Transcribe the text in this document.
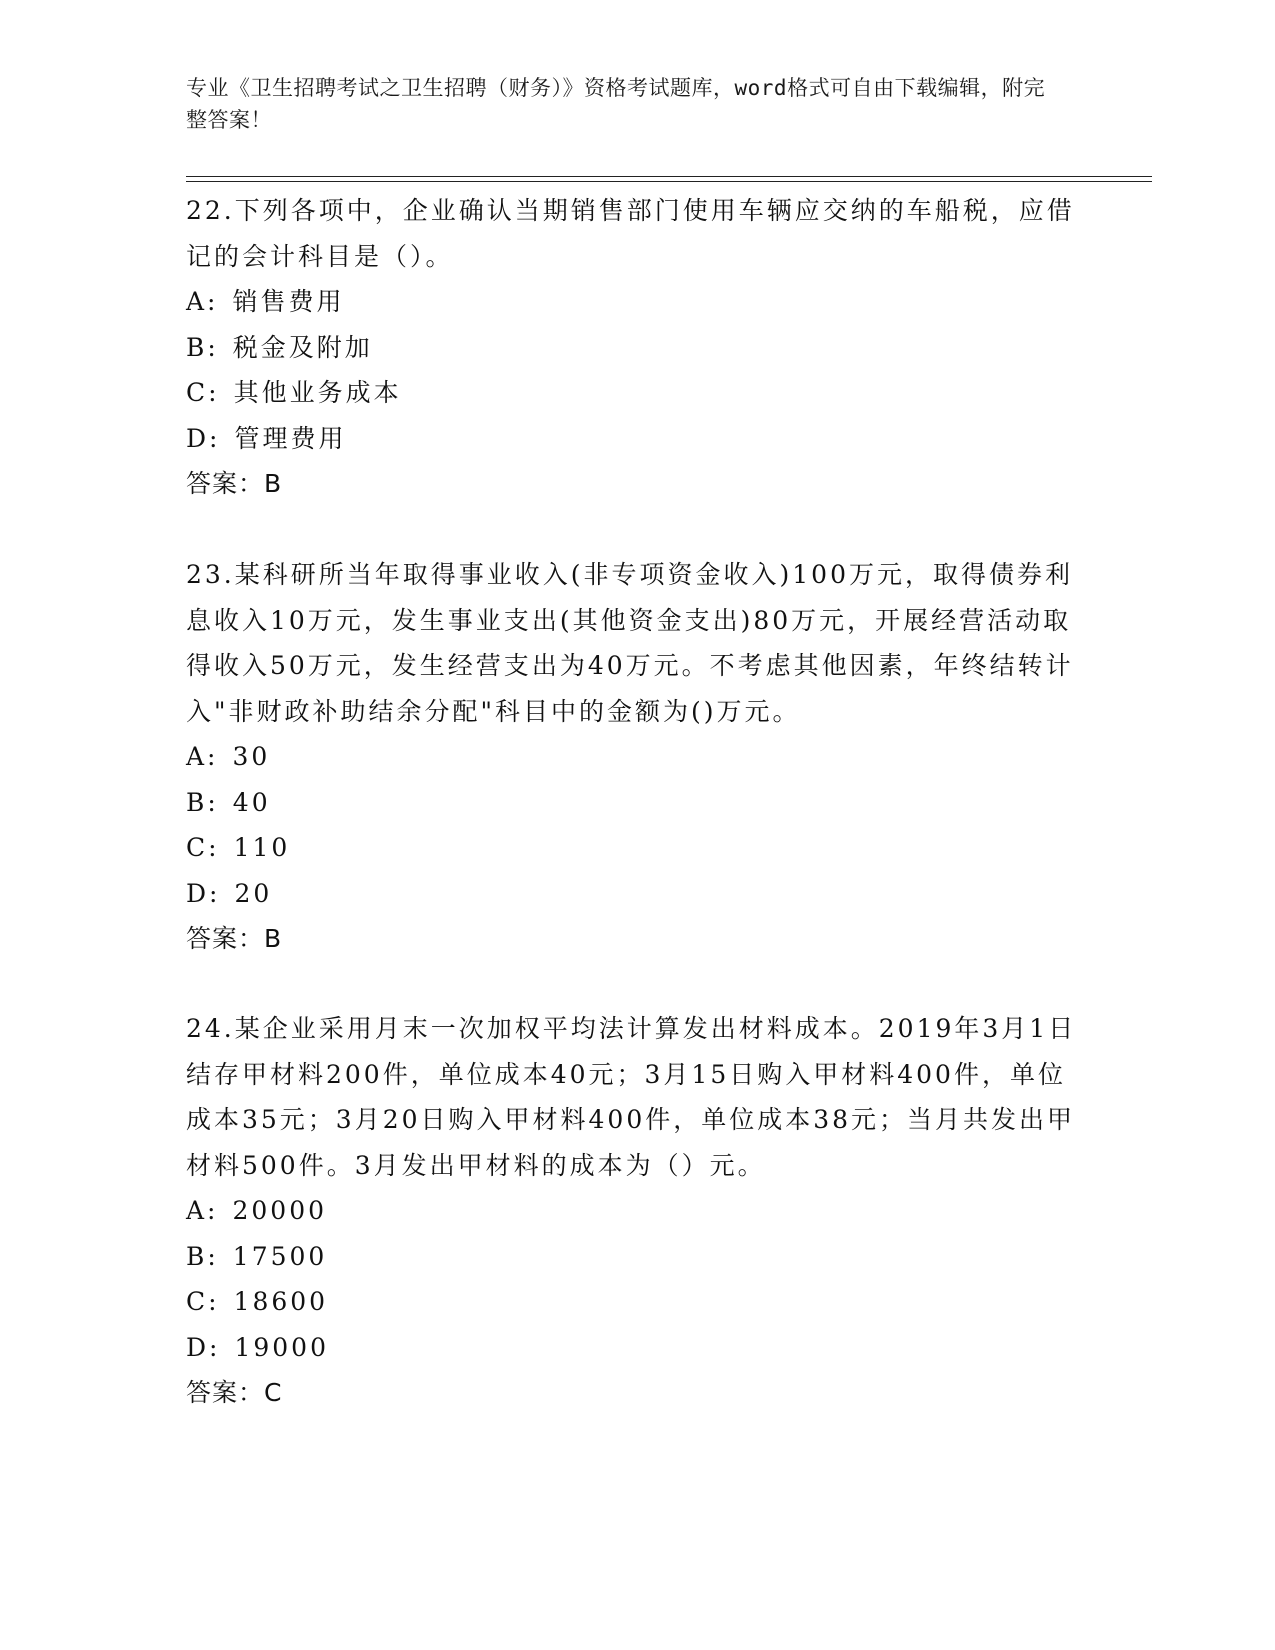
专业《卫生招聘考试之卫生招聘（财务）》资格考试题库，word格式可自由下载编辑，附完整答案！

22.下列各项中，企业确认当期销售部门使用车辆应交纳的车船税，应借记的会计科目是（）。

A: 销售费用

B: 税金及附加

C: 其他业务成本

D: 管理费用

答案：B

23.某科研所当年取得事业收入(非专项资金收入)100万元，取得债券利息收入10万元，发生事业支出(其他资金支出)80万元，开展经营活动取得收入50万元，发生经营支出为40万元。不考虑其他因素，年终结转计入"非财政补助结余分配"科目中的金额为()万元。

A: 30

B: 40

C: 110

D: 20

答案：B

24.某企业采用月末一次加权平均法计算发出材料成本。2019年3月1日结存甲材料200件，单位成本40元；3月15日购入甲材料400件，单位成本35元；3月20日购入甲材料400件，单位成本38元；当月共发出甲材料500件。3月发出甲材料的成本为（）元。

A: 20000

B: 17500

C: 18600

D: 19000

答案：C
